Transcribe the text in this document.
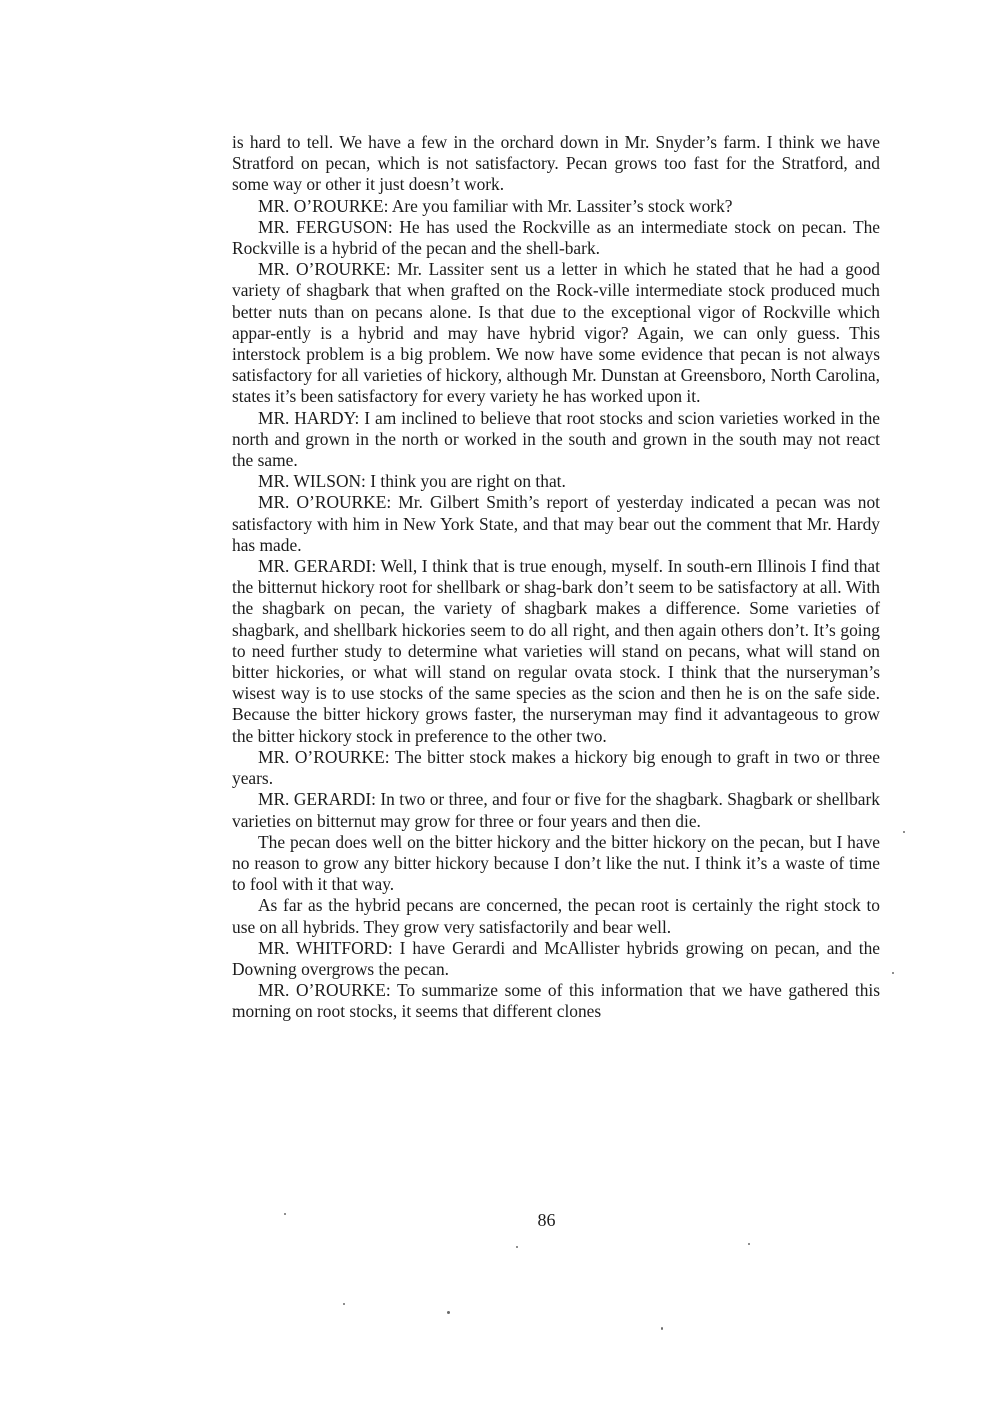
is hard to tell. We have a few in the orchard down in Mr. Snyder’s farm. I think we have Stratford on pecan, which is not satisfactory. Pecan grows too fast for the Stratford, and some way or other it just doesn’t work.

MR. O’ROURKE: Are you familiar with Mr. Lassiter’s stock work?

MR. FERGUSON: He has used the Rockville as an intermediate stock on pecan. The Rockville is a hybrid of the pecan and the shell-bark.

MR. O’ROURKE: Mr. Lassiter sent us a letter in which he stated that he had a good variety of shagbark that when grafted on the Rock-ville intermediate stock produced much better nuts than on pecans alone. Is that due to the exceptional vigor of Rockville which appar-ently is a hybrid and may have hybrid vigor? Again, we can only guess. This interstock problem is a big problem. We now have some evidence that pecan is not always satisfactory for all varieties of hickory, although Mr. Dunstan at Greensboro, North Carolina, states it’s been satisfactory for every variety he has worked upon it.

MR. HARDY: I am inclined to believe that root stocks and scion varieties worked in the north and grown in the north or worked in the south and grown in the south may not react the same.

MR. WILSON: I think you are right on that.

MR. O’ROURKE: Mr. Gilbert Smith’s report of yesterday indicated a pecan was not satisfactory with him in New York State, and that may bear out the comment that Mr. Hardy has made.

MR. GERARDI: Well, I think that is true enough, myself. In south-ern Illinois I find that the bitternut hickory root for shellbark or shag-bark don’t seem to be satisfactory at all. With the shagbark on pecan, the variety of shagbark makes a difference. Some varieties of shagbark, and shellbark hickories seem to do all right, and then again others don’t. It’s going to need further study to determine what varieties will stand on pecans, what will stand on bitter hickories, or what will stand on regular ovata stock. I think that the nurseryman’s wisest way is to use stocks of the same species as the scion and then he is on the safe side. Because the bitter hickory grows faster, the nurseryman may find it advantageous to grow the bitter hickory stock in preference to the other two.

MR. O’ROURKE: The bitter stock makes a hickory big enough to graft in two or three years.

MR. GERARDI: In two or three, and four or five for the shagbark. Shagbark or shellbark varieties on bitternut may grow for three or four years and then die.

The pecan does well on the bitter hickory and the bitter hickory on the pecan, but I have no reason to grow any bitter hickory because I don’t like the nut. I think it’s a waste of time to fool with it that way.

As far as the hybrid pecans are concerned, the pecan root is certainly the right stock to use on all hybrids. They grow very satisfactorily and bear well.

MR. WHITFORD: I have Gerardi and McAllister hybrids growing on pecan, and the Downing overgrows the pecan.

MR. O’ROURKE: To summarize some of this information that we have gathered this morning on root stocks, it seems that different clones

86
